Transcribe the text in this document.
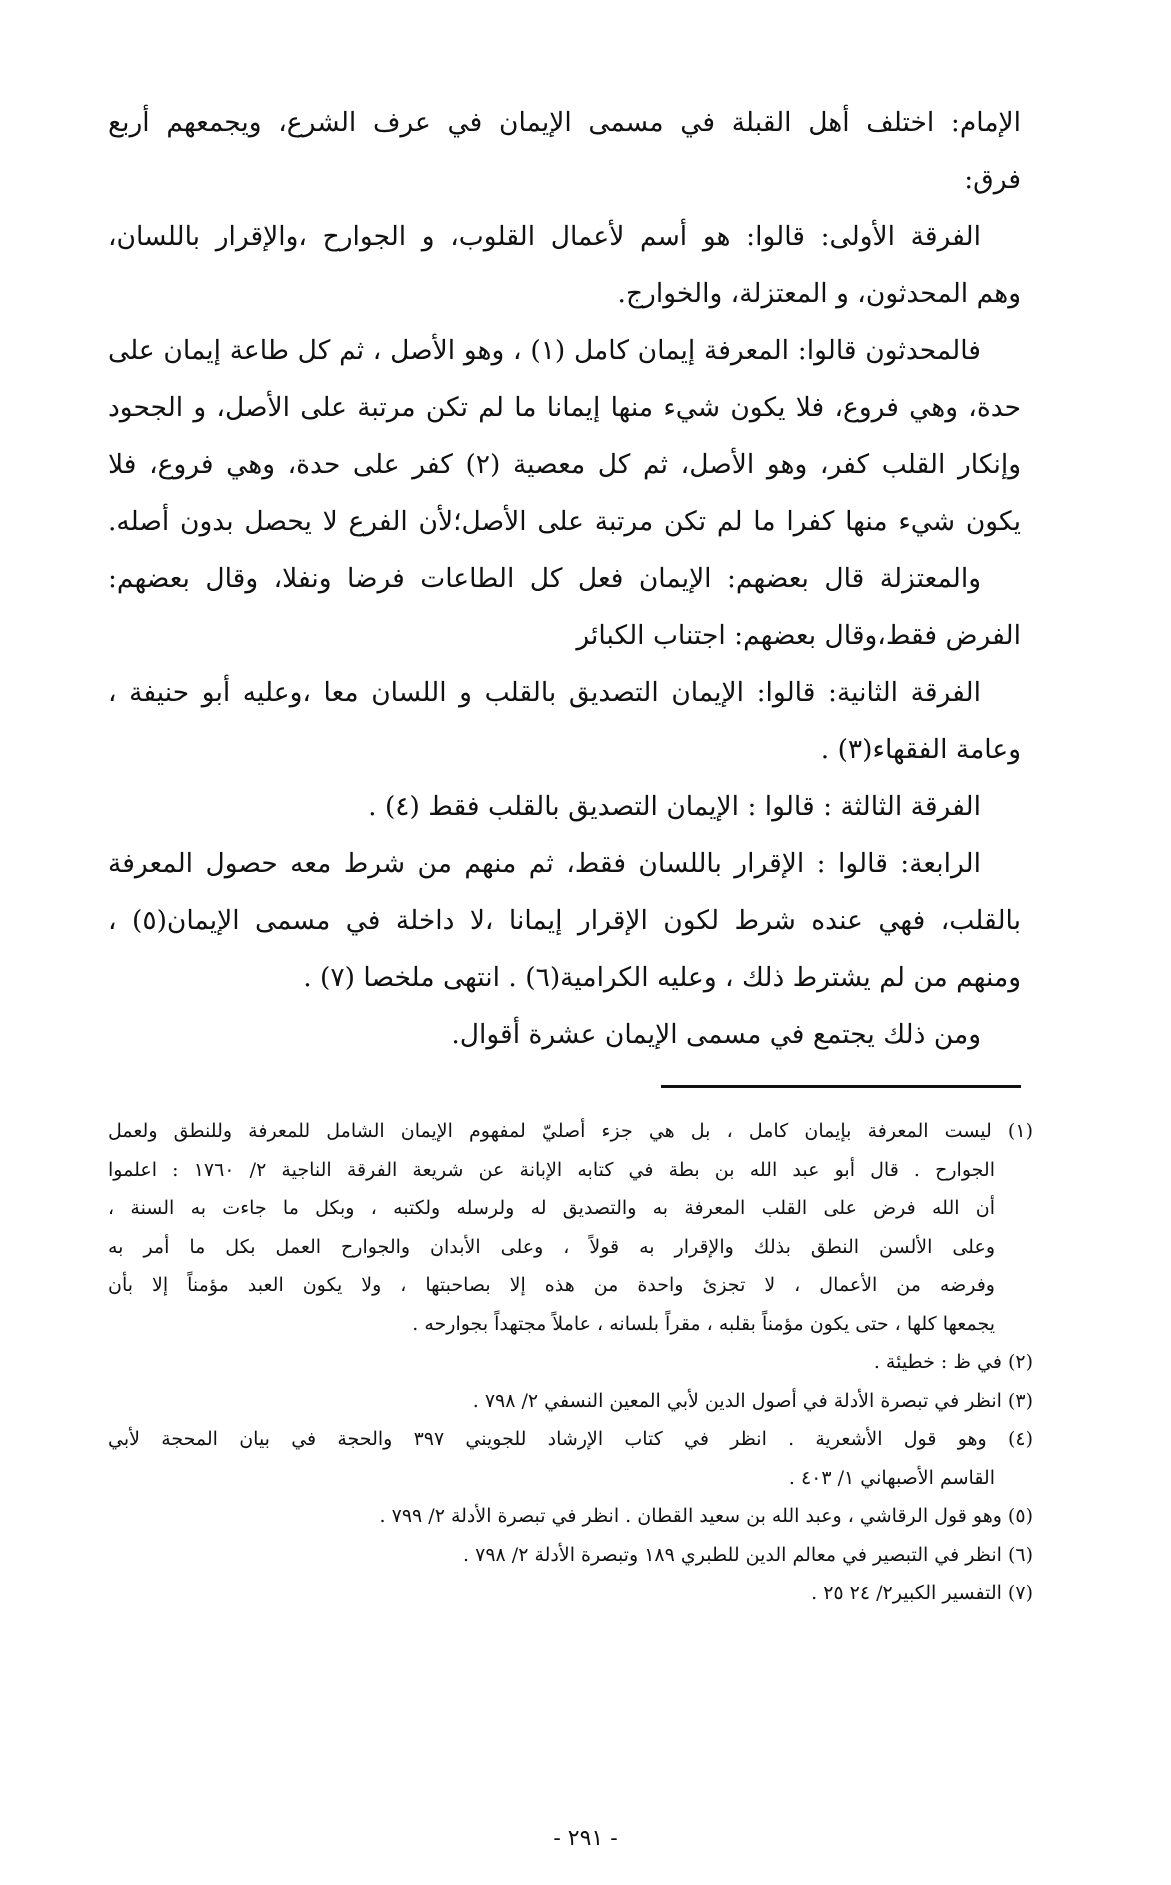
الإمام: اختلف أهل القبلة في مسمى الإيمان في عرف الشرع، ويجمعهم أربع
فرق:
الفرقة الأولى: قالوا: هو أسم لأعمال القلوب، و الجوارح ،والإقرار باللسان،
وهم المحدثون، و المعتزلة، والخوارج.
فالمحدثون قالوا: المعرفة إيمان كامل (١) ، وهو الأصل ، ثم كل طاعة إيمان على
حدة، وهي فروع، فلا يكون شيء منها إيمانا ما لم تكن مرتبة على الأصل، و الجحود
وإنكار القلب كفر، وهو الأصل، ثم كل معصية (٢) كفر على حدة، وهي فروع، فلا
يكون شيء منها كفرا ما لم تكن مرتبة على الأصل؛لأن الفرع لا يحصل بدون أصله.
والمعتزلة قال بعضهم: الإيمان فعل كل الطاعات فرضا ونفلا، وقال بعضهم:
الفرض فقط،وقال بعضهم: اجتناب الكبائر
الفرقة الثانية: قالوا: الإيمان التصديق بالقلب و اللسان معا ،وعليه أبو حنيفة ،
وعامة الفقهاء(٣) .
الفرقة الثالثة : قالوا : الإيمان التصديق بالقلب فقط (٤) .
الرابعة: قالوا : الإقرار باللسان فقط، ثم منهم من شرط معه حصول المعرفة
بالقلب، فهي عنده شرط لكون الإقرار إيمانا ،لا داخلة في مسمى الإيمان(٥) ،
ومنهم من لم يشترط ذلك ، وعليه الكرامية(٦) . انتهى ملخصا (٧) .
ومن ذلك يجتمع في مسمى الإيمان عشرة أقوال.
(١) ليست المعرفة بإيمان كامل ، بل هي جزء أصليّ لمفهوم الإيمان الشامل للمعرفة وللنطق ولعمل
الجوارح . قال أبو عبد الله بن بطة في كتابه الإبانة عن شريعة الفرقة الناجية ٢/ ١٧٦٠ : اعلموا
أن الله فرض على القلب المعرفة به والتصديق له ولرسله ولكتبه ، وبكل ما جاءت به السنة ،
وعلى الألسن النطق بذلك والإقرار به قولاً ، وعلى الأبدان والجوارح العمل بكل ما أمر به
وفرضه من الأعمال ، لا تجزئ واحدة من هذه إلا بصاحبتها ، ولا يكون العبد مؤمناً إلا بأن
يجمعها كلها ، حتى يكون مؤمناً بقلبه ، مقراً بلسانه ، عاملاً مجتهداً بجوارحه .
(٢) في ظ : خطيئة .
(٣) انظر في تبصرة الأدلة في أصول الدين لأبي المعين النسفي ٢/ ٧٩٨ .
(٤) وهو قول الأشعرية . انظر في كتاب الإرشاد للجويني ٣٩٧ والحجة في بيان المحجة لأبي
القاسم الأصبهاني ١/ ٤٠٣ .
(٥) وهو قول الرقاشي ، وعبد الله بن سعيد القطان . انظر في تبصرة الأدلة ٢/ ٧٩٩ .
(٦) انظر في التبصير في معالم الدين للطبري ١٨٩ وتبصرة الأدلة ٢/ ٧٩٨ .
(٧) التفسير الكبير٢/ ٢٤ ٢٥ .
- ٢٩١ -
